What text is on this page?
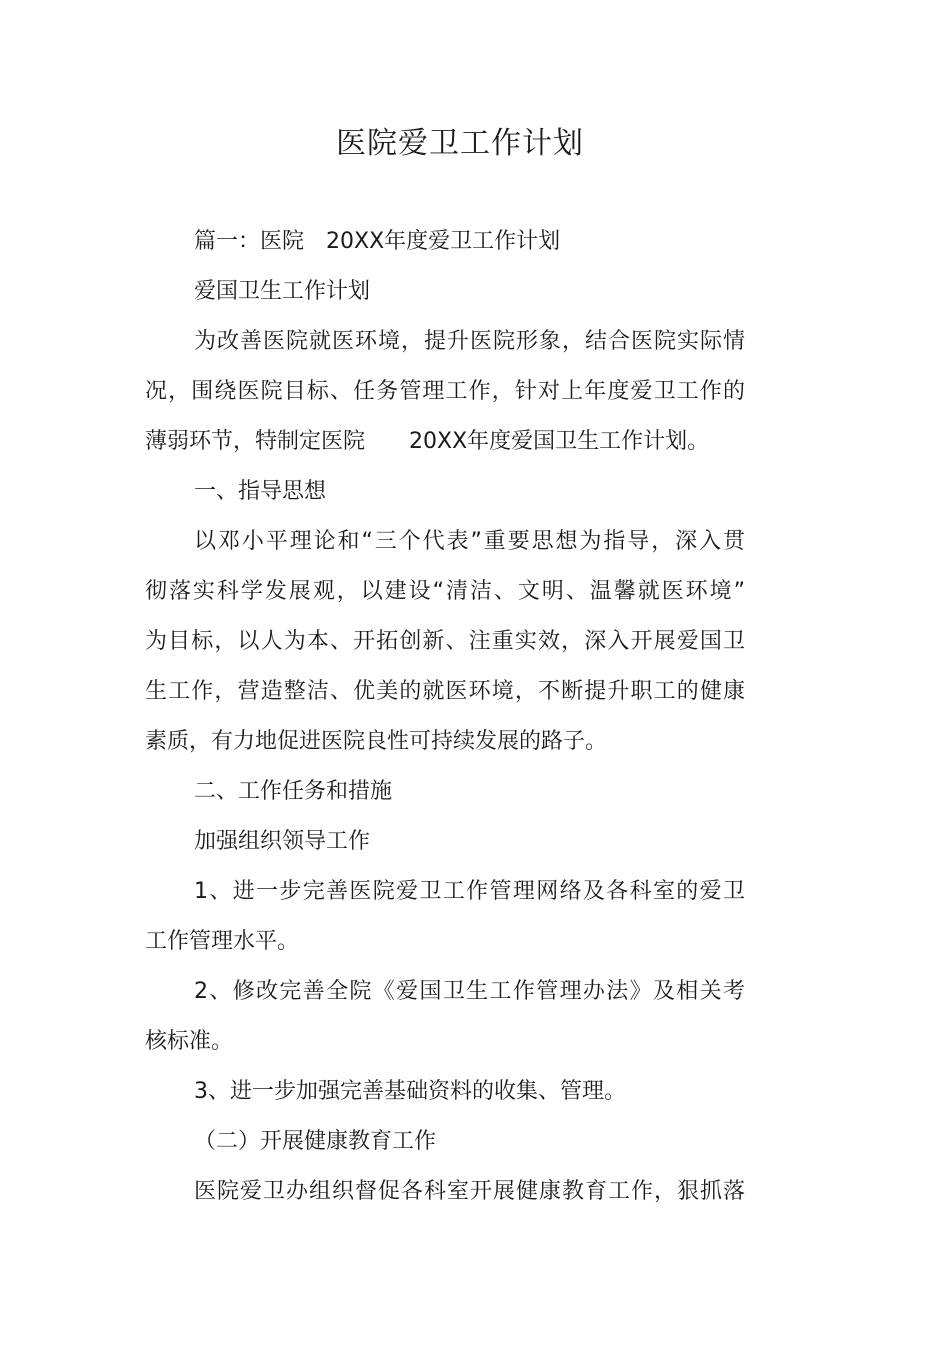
医院爱卫工作计划
篇一：医院　20XX年度爱卫工作计划
爱国卫生工作计划
为改善医院就医环境，提升医院形象，结合医院实际情
况，围绕医院目标、任务管理工作，针对上年度爱卫工作的
薄弱环节，特制定医院　　20XX年度爱国卫生工作计划。
一、指导思想
以邓小平理论和“三个代表”重要思想为指导，深入贯
彻落实科学发展观，以建设“清洁、文明、温馨就医环境”
为目标，以人为本、开拓创新、注重实效，深入开展爱国卫
生工作，营造整洁、优美的就医环境，不断提升职工的健康
素质，有力地促进医院良性可持续发展的路子。
二、工作任务和措施
加强组织领导工作
1、进一步完善医院爱卫工作管理网络及各科室的爱卫
工作管理水平。
2、修改完善全院《爱国卫生工作管理办法》及相关考
核标准。
3、进一步加强完善基础资料的收集、管理。
（二）开展健康教育工作
医院爱卫办组织督促各科室开展健康教育工作，狠抓落
